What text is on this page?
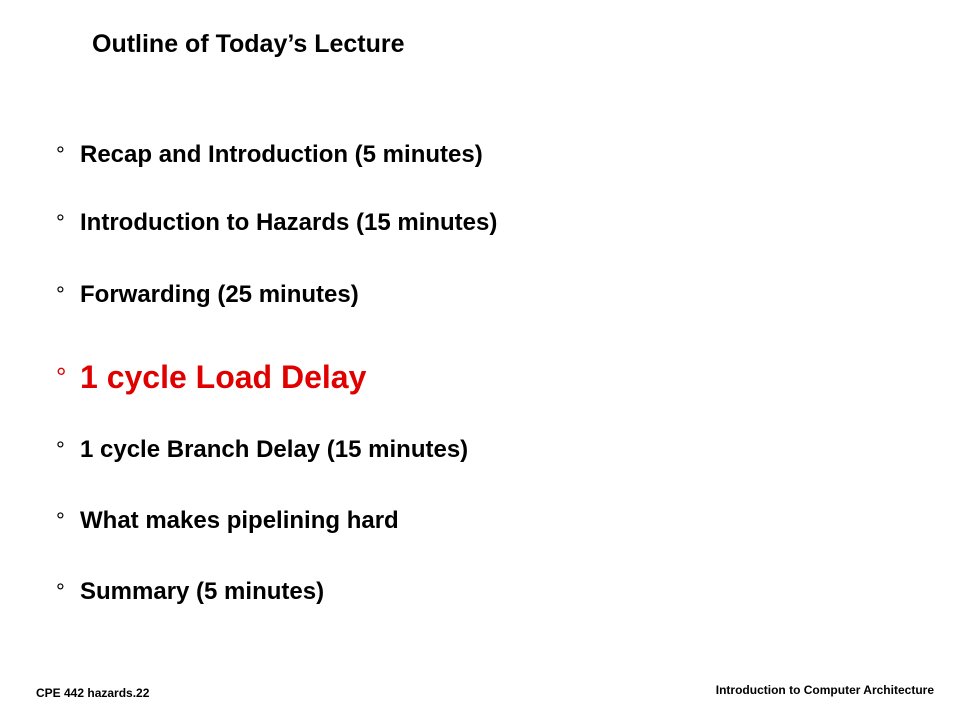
Outline of Today’s Lecture
° Recap and Introduction (5 minutes)
° Introduction to Hazards (15 minutes)
° Forwarding (25 minutes)
° 1 cycle Load Delay
° 1 cycle Branch Delay (15 minutes)
° What makes pipelining hard
° Summary (5 minutes)
CPE 442 hazards.22	Introduction to Computer Architecture
